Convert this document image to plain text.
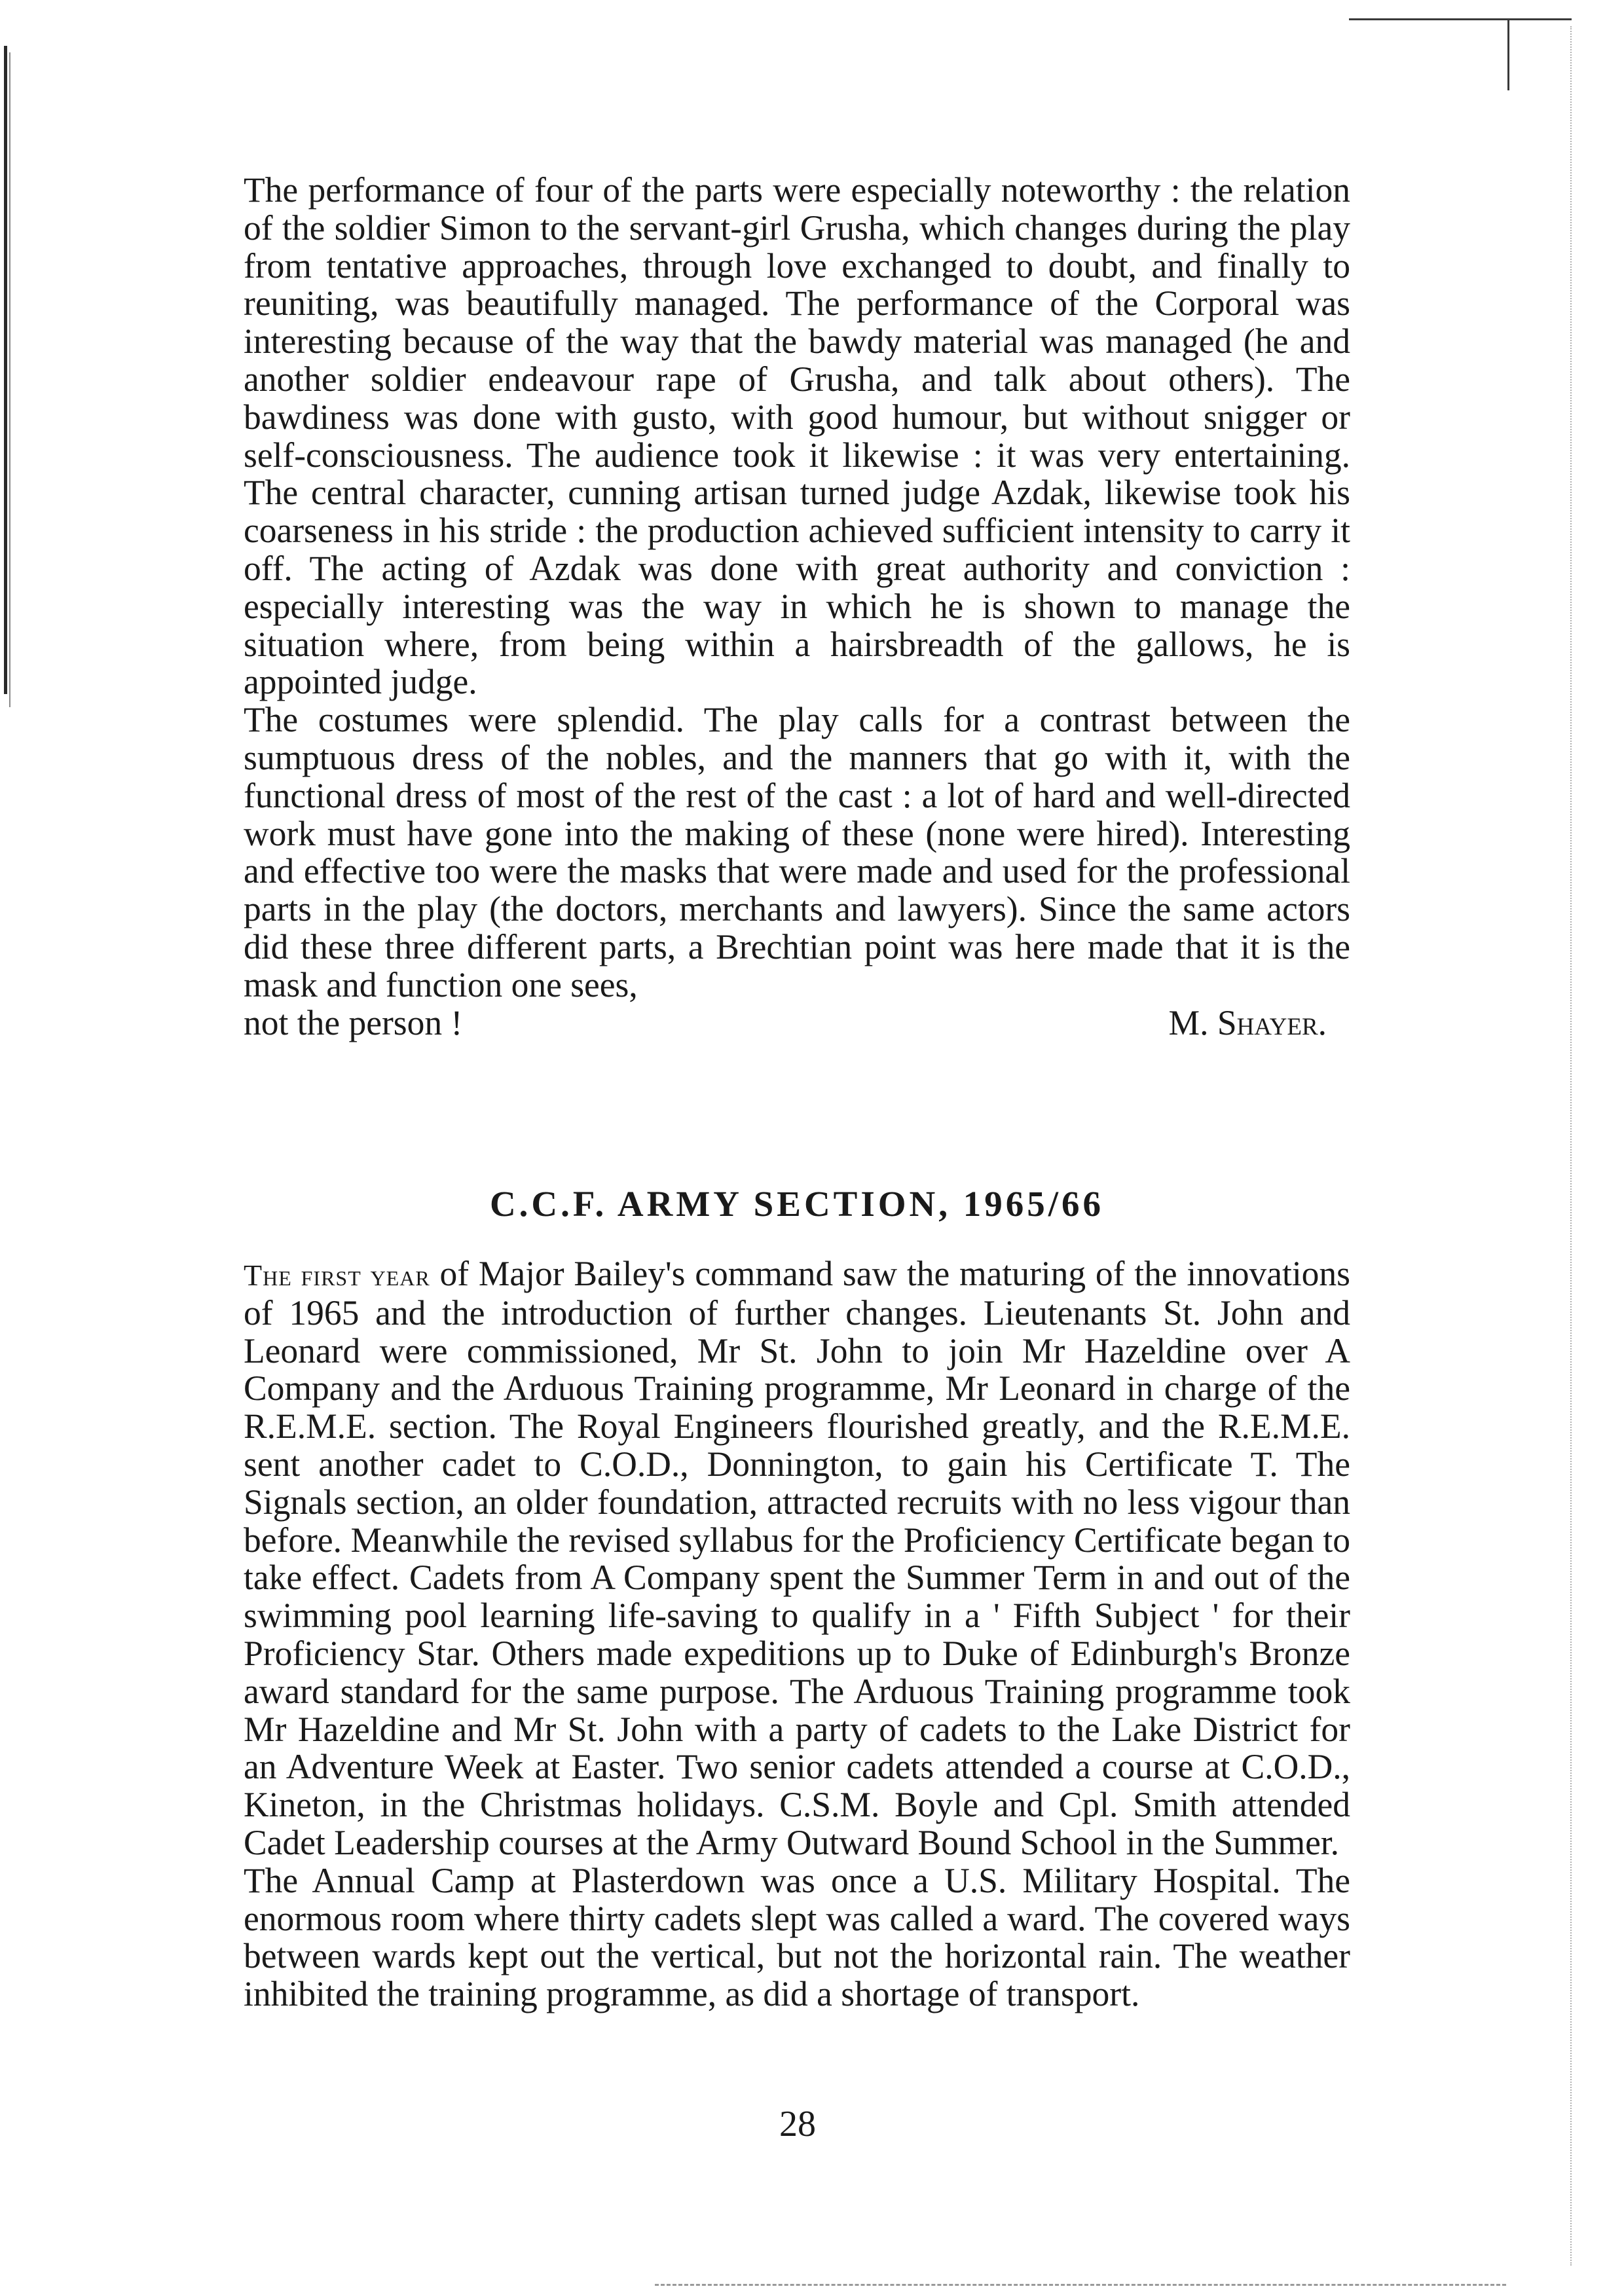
The performance of four of the parts were especially noteworthy : the relation of the soldier Simon to the servant-girl Grusha, which changes during the play from tentative approaches, through love exchanged to doubt, and finally to reuniting, was beautifully managed. The performance of the Corporal was interesting because of the way that the bawdy material was managed (he and another soldier endeavour rape of Grusha, and talk about others). The bawdiness was done with gusto, with good humour, but without snigger or self-consciousness. The audience took it likewise : it was very entertaining. The central character, cunning artisan turned judge Azdak, likewise took his coarseness in his stride : the production achieved sufficient intensity to carry it off. The acting of Azdak was done with great authority and conviction : especially interesting was the way in which he is shown to manage the situation where, from being within a hairsbreadth of the gallows, he is appointed judge.

The costumes were splendid. The play calls for a contrast between the sumptuous dress of the nobles, and the manners that go with it, with the functional dress of most of the rest of the cast : a lot of hard and well-directed work must have gone into the making of these (none were hired). Interesting and effective too were the masks that were made and used for the professional parts in the play (the doctors, merchants and lawyers). Since the same actors did these three different parts, a Brechtian point was here made that it is the mask and function one sees,

not the person !	M. Shayer.
C.C.F. ARMY SECTION, 1965/66

The first year of Major Bailey's command saw the maturing of the innovations of 1965 and the introduction of further changes. Lieutenants St. John and Leonard were commissioned, Mr St. John to join Mr Hazeldine over A Company and the Arduous Training programme, Mr Leonard in charge of the R.E.M.E. section. The Royal Engineers flourished greatly, and the R.E.M.E. sent another cadet to C.O.D., Donnington, to gain his Certificate T. The Signals section, an older foundation, attracted recruits with no less vigour than before. Meanwhile the revised syllabus for the Proficiency Certificate began to take effect. Cadets from A Company spent the Summer Term in and out of the swimming pool learning life-saving to qualify in a ' Fifth Subject ' for their Proficiency Star. Others made expeditions up to Duke of Edinburgh's Bronze award standard for the same purpose. The Arduous Training programme took Mr Hazeldine and Mr St. John with a party of cadets to the Lake District for an Adventure Week at Easter. Two senior cadets attended a course at C.O.D., Kineton, in the Christmas holidays. C.S.M. Boyle and Cpl. Smith attended Cadet Leadership courses at the Army Outward Bound School in the Summer.

The Annual Camp at Plasterdown was once a U.S. Military Hospital. The enormous room where thirty cadets slept was called a ward. The covered ways between wards kept out the vertical, but not the horizontal rain. The weather inhibited the training programme, as did a shortage of transport.

28
